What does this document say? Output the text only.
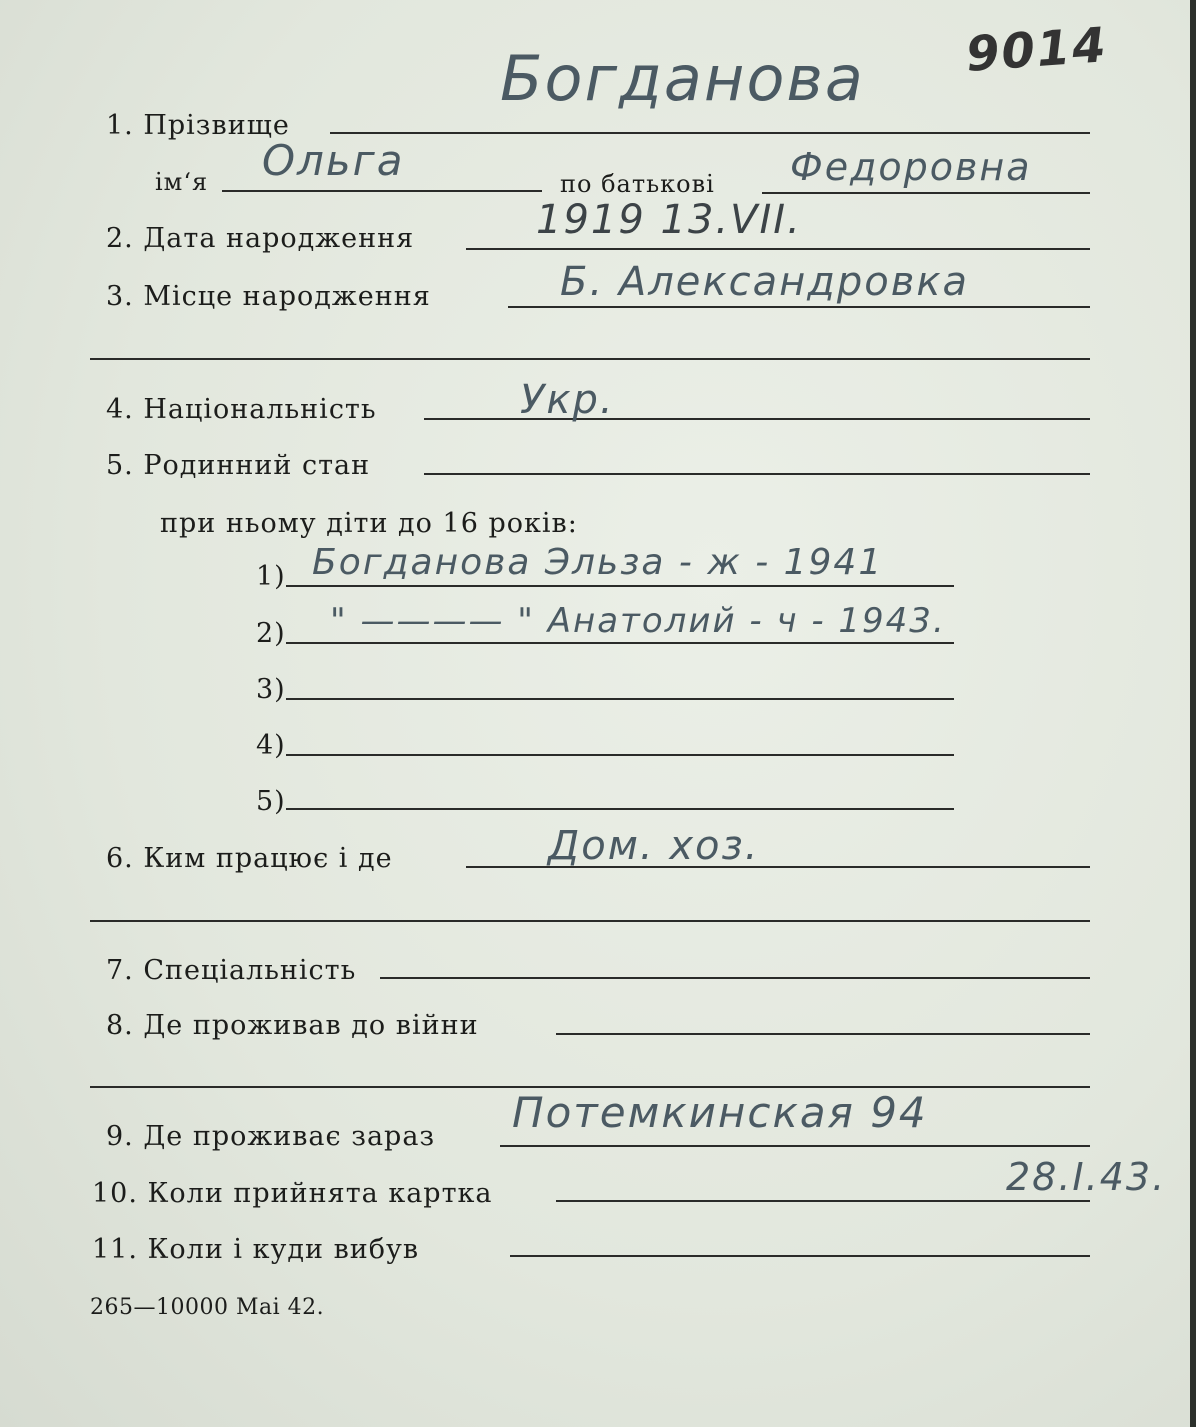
9014
1. Прізвище
Богданова
ім‘я Ольга	по батькові Федоровна
2. Дата народження	1919 13.VII.
3. Місце народження	Б. Александровка
4. Національність	Укр.
5. Родинний стан
при ньому діти до 16 років:
1) Богданова Эльза - ж - 1941
2) " ———— " Анатолий - ч - 1943.
3)
4)
5)
6. Ким працює і де	Дом. хоз.
7. Спеціальність
8. Де проживав до війни
9. Де проживає зараз Потемкинская 94
10. Коли прийнята картка	28.I.43.
11. Коли і куди вибув
265—10000 Mai 42.
